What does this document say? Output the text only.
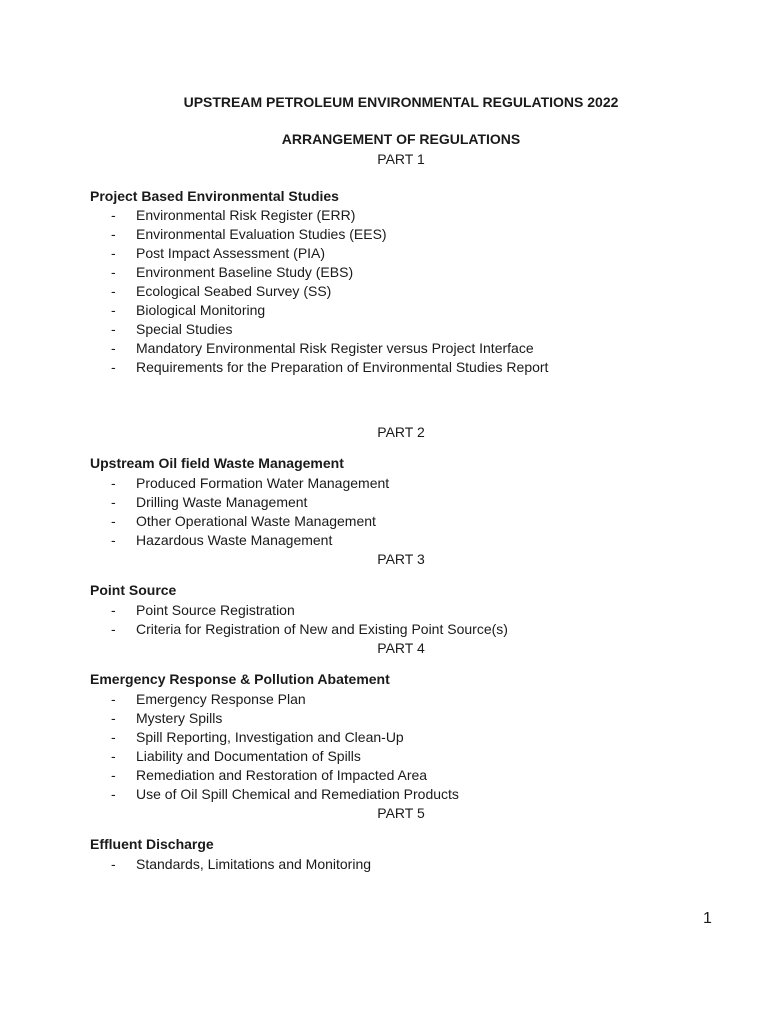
UPSTREAM PETROLEUM ENVIRONMENTAL REGULATIONS 2022
ARRANGEMENT OF REGULATIONS
PART 1
Project Based Environmental Studies
- Environmental Risk Register (ERR)
- Environmental Evaluation Studies (EES)
- Post Impact Assessment (PIA)
- Environment Baseline Study (EBS)
- Ecological Seabed Survey (SS)
- Biological Monitoring
- Special Studies
- Mandatory Environmental Risk Register versus Project Interface
- Requirements for the Preparation of Environmental Studies Report
PART 2
Upstream Oil field Waste Management
- Produced Formation Water Management
- Drilling Waste Management
- Other Operational Waste Management
- Hazardous Waste Management
PART 3
Point Source
- Point Source Registration
- Criteria for Registration of New and Existing Point Source(s)
PART 4
Emergency Response & Pollution Abatement
- Emergency Response Plan
- Mystery Spills
- Spill Reporting, Investigation and Clean-Up
- Liability and Documentation of Spills
- Remediation and Restoration of Impacted Area
- Use of Oil Spill Chemical and Remediation Products
PART 5
Effluent Discharge
- Standards, Limitations and Monitoring
1
